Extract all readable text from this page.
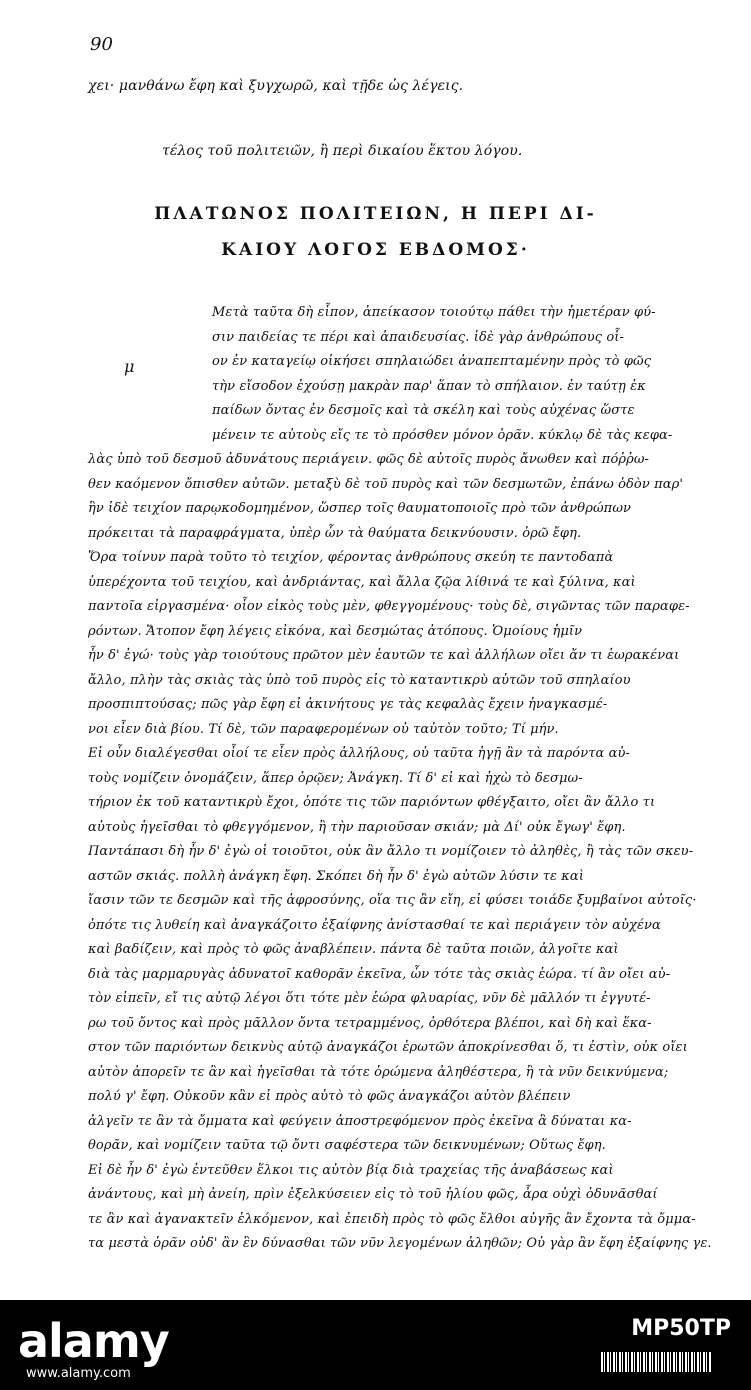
90
χει· μανθάνω ἔφη καὶ ξυγχωρῶ, καὶ τῇδε ὡς λέγεις.
τέλος τοῦ πολιτειῶν, ἢ περὶ δικαίου ἕκτου λόγου.
ΠΛΑΤΩΝΟΣ ΠΟΛΙΤΕΙΩΝ, Η ΠΕΡΙ ΔΙ-
ΚΑΙΟΥ ΛΟΓΟΣ ΕΒΔΟΜΟΣ·
μ
Μετὰ ταῦτα δὴ εἶπον, ἀπείκασον τοιούτῳ πάθει τὴν ἡμετέραν φύ-
σιν παιδείας τε πέρι καὶ ἀπαιδευσίας. ἰδὲ γὰρ ἀνθρώπους οἷ-
ον ἐν καταγείῳ οἰκήσει σπηλαιώδει ἀναπεπταμένην πρὸς τὸ φῶς
τὴν εἴσοδον ἐχούσῃ μακρὰν παρ' ἅπαν τὸ σπήλαιον. ἐν ταύτῃ ἐκ
παίδων ὄντας ἐν δεσμοῖς καὶ τὰ σκέλη καὶ τοὺς αὐχένας ὥστε
μένειν τε αὐτοὺς εἴς τε τὸ πρόσθεν μόνον ὁρᾶν. κύκλῳ δὲ τὰς κεφα-
λὰς ὑπὸ τοῦ δεσμοῦ ἀδυνάτους περιάγειν. φῶς δὲ αὐτοῖς πυρὸς ἄνωθεν καὶ πόῤῥω-
θεν καόμενον ὄπισθεν αὐτῶν. μεταξὺ δὲ τοῦ πυρὸς καὶ τῶν δεσμωτῶν, ἐπάνω ὁδὸν παρ'
ἣν ἰδὲ τειχίον παρῳκοδομημένον, ὥσπερ τοῖς θαυματοποιοῖς πρὸ τῶν ἀνθρώπων
πρόκειται τὰ παραφράγματα, ὑπὲρ ὧν τὰ θαύματα δεικνύουσιν. ὁρῶ ἔφη.
Ὅρα τοίνυν παρὰ τοῦτο τὸ τειχίον, φέροντας ἀνθρώπους σκεύη τε παντοδαπὰ
ὑπερέχοντα τοῦ τειχίου, καὶ ἀνδριάντας, καὶ ἄλλα ζῷα λίθινά τε καὶ ξύλινα, καὶ
παντοῖα εἰργασμένα· οἷον εἰκὸς τοὺς μὲν, φθεγγομένους· τοὺς δὲ, σιγῶντας τῶν παραφε-
ρόντων. Ἄτοπον ἔφη λέγεις εἰκόνα, καὶ δεσμώτας ἀτόπους. Ὁμοίους ἡμῖν
ἦν δ' ἐγώ· τοὺς γὰρ τοιούτους πρῶτον μὲν ἑαυτῶν τε καὶ ἀλλήλων οἴει ἄν τι ἑωρακέναι
ἄλλο, πλὴν τὰς σκιὰς τὰς ὑπὸ τοῦ πυρὸς εἰς τὸ καταντικρὺ αὐτῶν τοῦ σπηλαίου
προσπιπτούσας; πῶς γὰρ ἔφη εἰ ἀκινήτους γε τὰς κεφαλὰς ἔχειν ἠναγκασμέ-
νοι εἶεν διὰ βίου. Τί δὲ, τῶν παραφερομένων οὐ ταὐτὸν τοῦτο; Τί μήν.
Εἰ οὖν διαλέγεσθαι οἷοί τε εἶεν πρὸς ἀλλήλους, οὐ ταῦτα ἡγῇ ἂν τὰ παρόντα αὐ-
τοὺς νομίζειν ὀνομάζειν, ἅπερ ὁρῷεν; Ἀνάγκη. Τί δ' εἰ καὶ ἠχὼ τὸ δεσμω-
τήριον ἐκ τοῦ καταντικρὺ ἔχοι, ὁπότε τις τῶν παριόντων φθέγξαιτο, οἴει ἂν ἄλλο τι
αὐτοὺς ἡγεῖσθαι τὸ φθεγγόμενον, ἢ τὴν παριοῦσαν σκιάν; μὰ Δί' οὐκ ἔγωγ' ἔφη.
Παντάπασι δὴ ἦν δ' ἐγὼ οἱ τοιοῦτοι, οὐκ ἂν ἄλλο τι νομίζοιεν τὸ ἀληθὲς, ἢ τὰς τῶν σκευ-
αστῶν σκιάς. πολλὴ ἀνάγκη ἔφη. Σκόπει δὴ ἦν δ' ἐγὼ αὐτῶν λύσιν τε καὶ
ἴασιν τῶν τε δεσμῶν καὶ τῆς ἀφροσύνης, οἵα τις ἂν εἴη, εἰ φύσει τοιάδε ξυμβαίνοι αὐτοῖς·
ὁπότε τις λυθείη καὶ ἀναγκάζοιτο ἐξαίφνης ἀνίστασθαί τε καὶ περιάγειν τὸν αὐχένα
καὶ βαδίζειν, καὶ πρὸς τὸ φῶς ἀναβλέπειν. πάντα δὲ ταῦτα ποιῶν, ἀλγοῖτε καὶ
διὰ τὰς μαρμαρυγὰς ἀδυνατοῖ καθορᾶν ἐκεῖνα, ὧν τότε τὰς σκιὰς ἑώρα. τί ἂν οἴει αὐ-
τὸν εἰπεῖν, εἴ τις αὐτῷ λέγοι ὅτι τότε μὲν ἑώρα φλυαρίας, νῦν δὲ μᾶλλόν τι ἐγγυτέ-
ρω τοῦ ὄντος καὶ πρὸς μᾶλλον ὄντα τετραμμένος, ὀρθότερα βλέποι, καὶ δὴ καὶ ἕκα-
στον τῶν παριόντων δεικνὺς αὐτῷ ἀναγκάζοι ἐρωτῶν ἀποκρίνεσθαι ὅ, τι ἐστὶν, οὐκ οἴει
αὐτὸν ἀπορεῖν τε ἂν καὶ ἡγεῖσθαι τὰ τότε ὁρώμενα ἀληθέστερα, ἢ τὰ νῦν δεικνύμενα;
πολύ γ' ἔφη. Οὐκοῦν κἂν εἰ πρὸς αὐτὸ τὸ φῶς ἀναγκάζοι αὐτὸν βλέπειν
ἀλγεῖν τε ἂν τὰ ὄμματα καὶ φεύγειν ἀποστρεφόμενον πρὸς ἐκεῖνα ἃ δύναται κα-
θορᾶν, καὶ νομίζειν ταῦτα τῷ ὄντι σαφέστερα τῶν δεικνυμένων; Οὕτως ἔφη.
Εἰ δὲ ἦν δ' ἐγὼ ἐντεῦθεν ἕλκοι τις αὐτὸν βίᾳ διὰ τραχείας τῆς ἀναβάσεως καὶ
ἀνάντους, καὶ μὴ ἀνείη, πρὶν ἐξελκύσειεν εἰς τὸ τοῦ ἡλίου φῶς, ἆρα οὐχὶ ὀδυνᾶσθαί
τε ἂν καὶ ἀγανακτεῖν ἑλκόμενον, καὶ ἐπειδὴ πρὸς τὸ φῶς ἔλθοι αὐγῆς ἂν ἔχοντα τὰ ὄμμα-
τα μεστὰ ὁρᾶν οὐδ' ἂν ἓν δύνασθαι τῶν νῦν λεγομένων ἀληθῶν; Οὐ γὰρ ἂν ἔφη ἐξαίφνης γε.
alamy
www.alamy.com
MP50TP
